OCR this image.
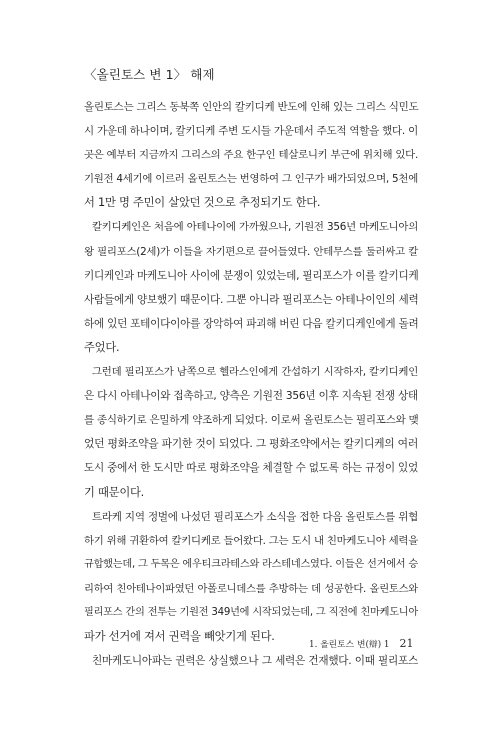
〈올린토스 변 1〉 해제
올린토스는 그리스 동북쪽 인안의 칼키디케 반도에 인해 있는 그리스 식민도
시 가운데 하나이며, 칼키디케 주변 도시들 가운데서 주도적 역할을 했다. 이
곳은 예부터 지금까지 그리스의 주요 한구인 테살로니키 부근에 위치해 있다.
기원전 4세기에 이르러 올린토스는 번영하여 그 인구가 배가되었으며, 5천에
서 1만 명 주민이 살았던 것으로 추정되기도 한다.
칼키디케인은 처음에 아테나이에 가까웠으나, 기원전 356년 마케도니아의
왕 필리포스(2세)가 이들을 자기편으로 끌어들였다. 안테무스를 둘러싸고 칼
키디케인과 마케도니아 사이에 분쟁이 있었는데, 필리포스가 이를 칼키디케
사람들에게 양보했기 때문이다. 그뿐 아니라 필리포스는 아테나이인의 세력
하에 있던 포테이다이아를 장악하여 파괴해 버린 다음 칼키디케인에게 돌려
주었다.
그런데 필리포스가 남쪽으로 헬라스인에게 간섭하기 시작하자, 칼키디케인
은 다시 아테나이와 접촉하고, 양측은 기원전 356년 이후 지속된 전쟁 상태
를 종식하기로 은밀하게 약조하게 되었다. 이로써 올린토스는 필리포스와 맺
었던 평화조약을 파기한 것이 되었다. 그 평화조약에서는 칼키디케의 여러
도시 중에서 한 도시만 따로 평화조약을 체결할 수 없도록 하는 규정이 있었
기 때문이다.
트라케 지역 정벌에 나섰던 필리포스가 소식을 접한 다음 올린토스를 위협
하기 위해 귀환하여 칼키디케로 들어왔다. 그는 도시 내 친마케도니아 세력을
규합했는데, 그 두목은 에우티크라테스와 라스테네스였다. 이들은 선거에서 승
리하여 친아테나이파였던 아폴로니데스를 추방하는 데 성공한다. 올린토스와
필리포스 간의 전투는 기원전 349년에 시작되었는데, 그 직전에 친마케도니아
파가 선거에 져서 권력을 빼앗기게 된다.
친마케도니아파는 권력은 상실했으나 그 세력은 건재했다. 이때 필리포스
1. 올린토스 변(辯) 1 21
